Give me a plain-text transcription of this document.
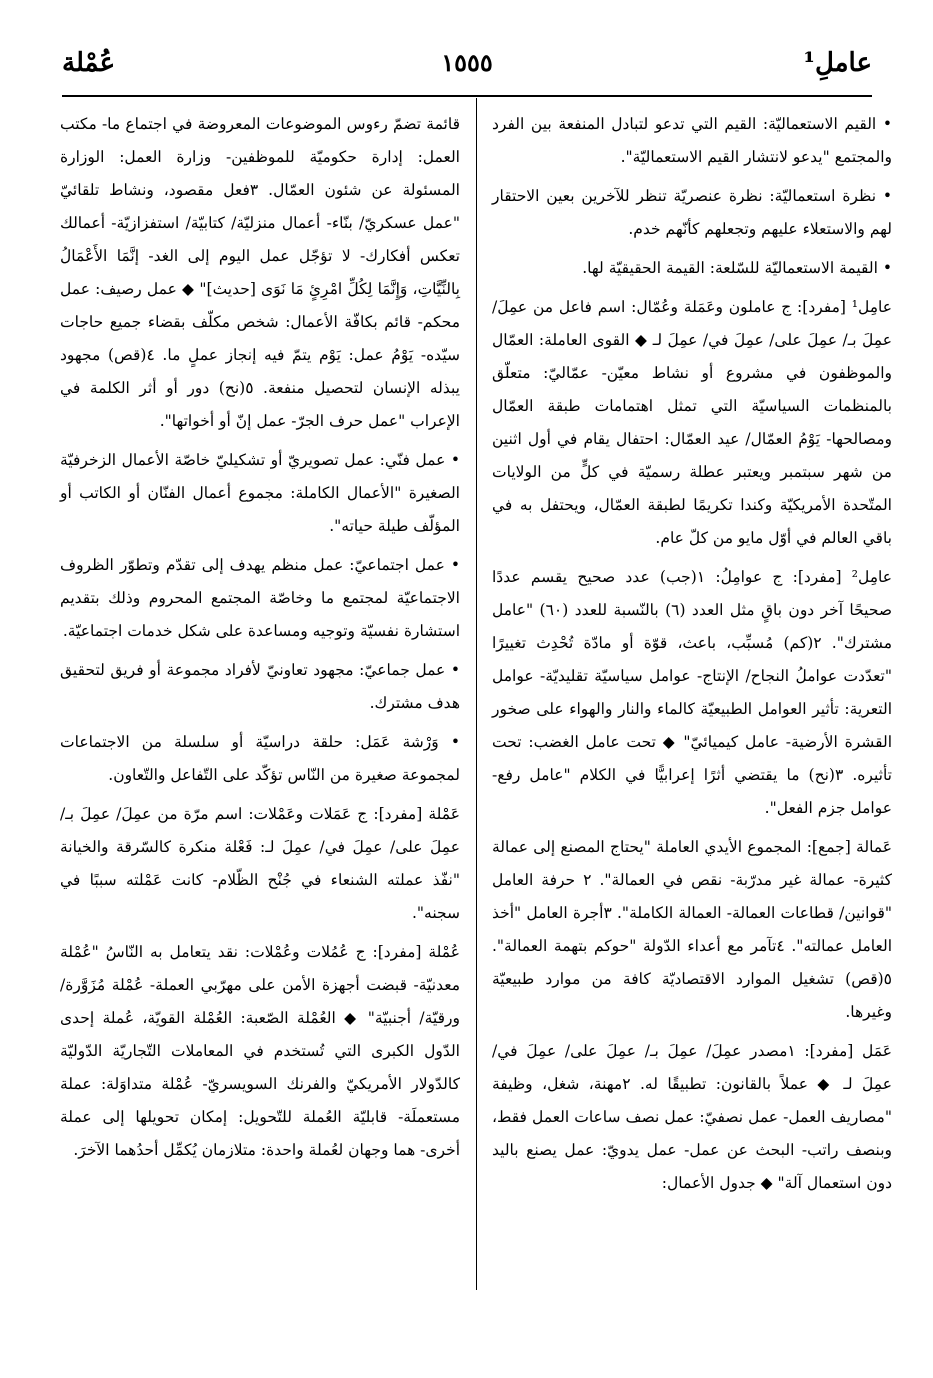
عاملِ¹
١٥٥٥
عُمْلة

• القيم الاستعماليّة: القيم التي تدعو لتبادل المنفعة بين الفرد والمجتمع "يدعو لانتشار القيم الاستعماليّة".

• نظرة استعماليّة: نظرة عنصريّة تنظر للآخرين بعين الاحتقار لهم والاستعلاء عليهم وتجعلهم كأنّهم خدم.

• القيمة الاستعماليّة للسّلعة: القيمة الحقيقيّة لها.

عامِل¹ [مفرد]: ج عاملون وعَمَلة وعُمّال: اسم فاعل من عمِلَ/ عمِلَ بـ/ عمِلَ على/ عمِلَ في/ عمِلَ لـ ◆ القوى العاملة: العمّال والموظفون في مشروع أو نشاط معيّن- عمّاليّ: متعلّق بالمنظمات السياسيّة التي تمثل اهتمامات طبقة العمّال ومصالحها- يَوْمُ العمّال/ عيد العمّال: احتفال يقام في أول اثنين من شهر سبتمبر ويعتبر عطلة رسميّة في كلٍّ من الولايات المتّحدة الأمريكيّة وكندا تكريمًا لطبقة العمّال، ويحتفل به في باقي العالم في أوّل مايو من كلّ عام.

عامِل² [مفرد]: ج عوامِلُ: ١(جب) عدد صحيح يقسم عددًا صحيحًا آخر دون باقٍ مثل العدد (٦) بالنّسبة للعدد (٦٠) "عامل مشترك". ٢(كم) مُسبِّب، باعث، قوّة أو مادّة تُحْدِث تغييرًا "تعدّدت عواملُ النجاح/ الإنتاج- عوامل سياسيّة تقليديّة- عوامل التعرية: تأثير العوامل الطبيعيّة كالماء والنار والهواء على صخور القشرة الأرضية- عامل كيميائيّ" ◆ تحت عامل الغضب: تحت تأثيره. ٣(نح) ما يقتضي أثرًا إعرابيًّا في الكلام "عامل رفع- عوامل جزم الفعل".

عَمالة [جمع]: المجموع الأيدي العاملة "يحتاج المصنع إلى عمالة كثيرة- عمالة غير مدرّبة- نقص في العمالة". ٢ حرفة العامل "قوانين/ قطاعات العمالة- العمالة الكاملة". ٣أجرة العامل "أخذ العامل عمالته". ٤تآمر مع أعداء الدّولة "حوكم بتهمة العمالة". ٥(قص) تشغيل الموارد الاقتصاديّة كافة من موارد طبيعيّة وغيرها.

عَمَل [مفرد]: ١مصدر عمِلَ/ عمِلَ بـ/ عمِلَ على/ عمِلَ في/ عمِلَ لـ ◆ عملاً بالقانون: تطبيقًا له. ٢مهنة، شغل، وظيفة "مصاريف العمل- عمل نصفيّ: عمل نصف ساعات العمل فقط، وبنصف راتب- البحث عن عمل- عمل يدويّ: عمل يصنع باليد دون استعمال آلة" ◆ جدول الأعمال:

قائمة تضمّ رءوس الموضوعات المعروضة في اجتماع ما- مكتب العمل: إدارة حكوميّة للموظفين- وزارة العمل: الوزارة المسئولة عن شئون العمّال. ٣فعل مقصود، ونشاط تلقائيّ "عمل عسكريّ/ بنّاء- أعمال منزليّة/ كتابيّة/ استفزازيّة- أعمالك تعكس أفكارك- لا تؤجّل عمل اليوم إلى الغد- إنَّمَا الأَعْمَالُ بِالنِّيَّاتِ، وَإِنَّمَا لِكُلِّ امْرِئٍ مَا نَوَى [حديث]" ◆ عمل رصيف: عمل محكم- قائم بكافّة الأعمال: شخص مكلّف بقضاء جميع حاجات سيّده- يَوْمُ عمل: يَوْم يتمّ فيه إنجاز عملٍ ما. ٤(قص) مجهود يبذله الإنسان لتحصيل منفعة. ٥(نح) دور أو أثر الكلمة في الإعراب "عمل حرف الجرّ- عمل إنّ أو أخواتها".

• عمل فنّي: عمل تصويريّ أو تشكيليّ خاصّة الأعمال الزخرفيّة الصغيرة "الأعمال الكاملة: مجموع أعمال الفنّان أو الكاتب أو المؤلّف طيلة حياته".

• عمل اجتماعيّ: عمل منظم يهدف إلى تقدّم وتطوّر الظروف الاجتماعيّة لمجتمع ما وخاصّة المجتمع المحروم وذلك بتقديم استشارة نفسيّة وتوجيه ومساعدة على شكل خدمات اجتماعيّة.

• عمل جماعيّ: مجهود تعاونيّ لأفراد مجموعة أو فريق لتحقيق هدف مشترك.

• وَرْشة عَمَل: حلقة دراسيّة أو سلسلة من الاجتماعات لمجموعة صغيرة من النّاس تؤكّد على التّفاعل والتّعاون.

عَمْلة [مفرد]: ج عَمَلات وعَمْلات: اسم مرّة من عمِلَ/ عمِلَ بـ/ عمِلَ على/ عمِلَ في/ عمِلَ لـ: فَعْلة منكرة كالسّرقة والخيانة "نفّذ عملته الشنعاء في جُنْح الظّلام- كانت عَمْلته سببًا في سجنه".

عُمْلة [مفرد]: ج عُمُلات وعُمْلات: نقد يتعامل به النّاسُ "عُمْلة معدنيّة- قبضت أجهزة الأمن على مهرّبي العملة- عُمْلة مُزَوَّرة/ ورقيّة/ أجنبيّة" ◆ العُمْلة الصّعبة: العُمْلة القويّة، عُملة إحدى الدّول الكبرى التي تُستخدم في المعاملات التّجاريّة الدّوليّة كالدّولار الأمريكيّ والفرنك السويسريّ- عُمْلة متداوَلة: عملة مستعملَة- قابليّة العُملة للتّحويل: إمكان تحويلها إلى عملة أخرى- هما وجهان لعُملة واحدة: متلازمان يُكمِّل أحدُهما الآخرَ.
